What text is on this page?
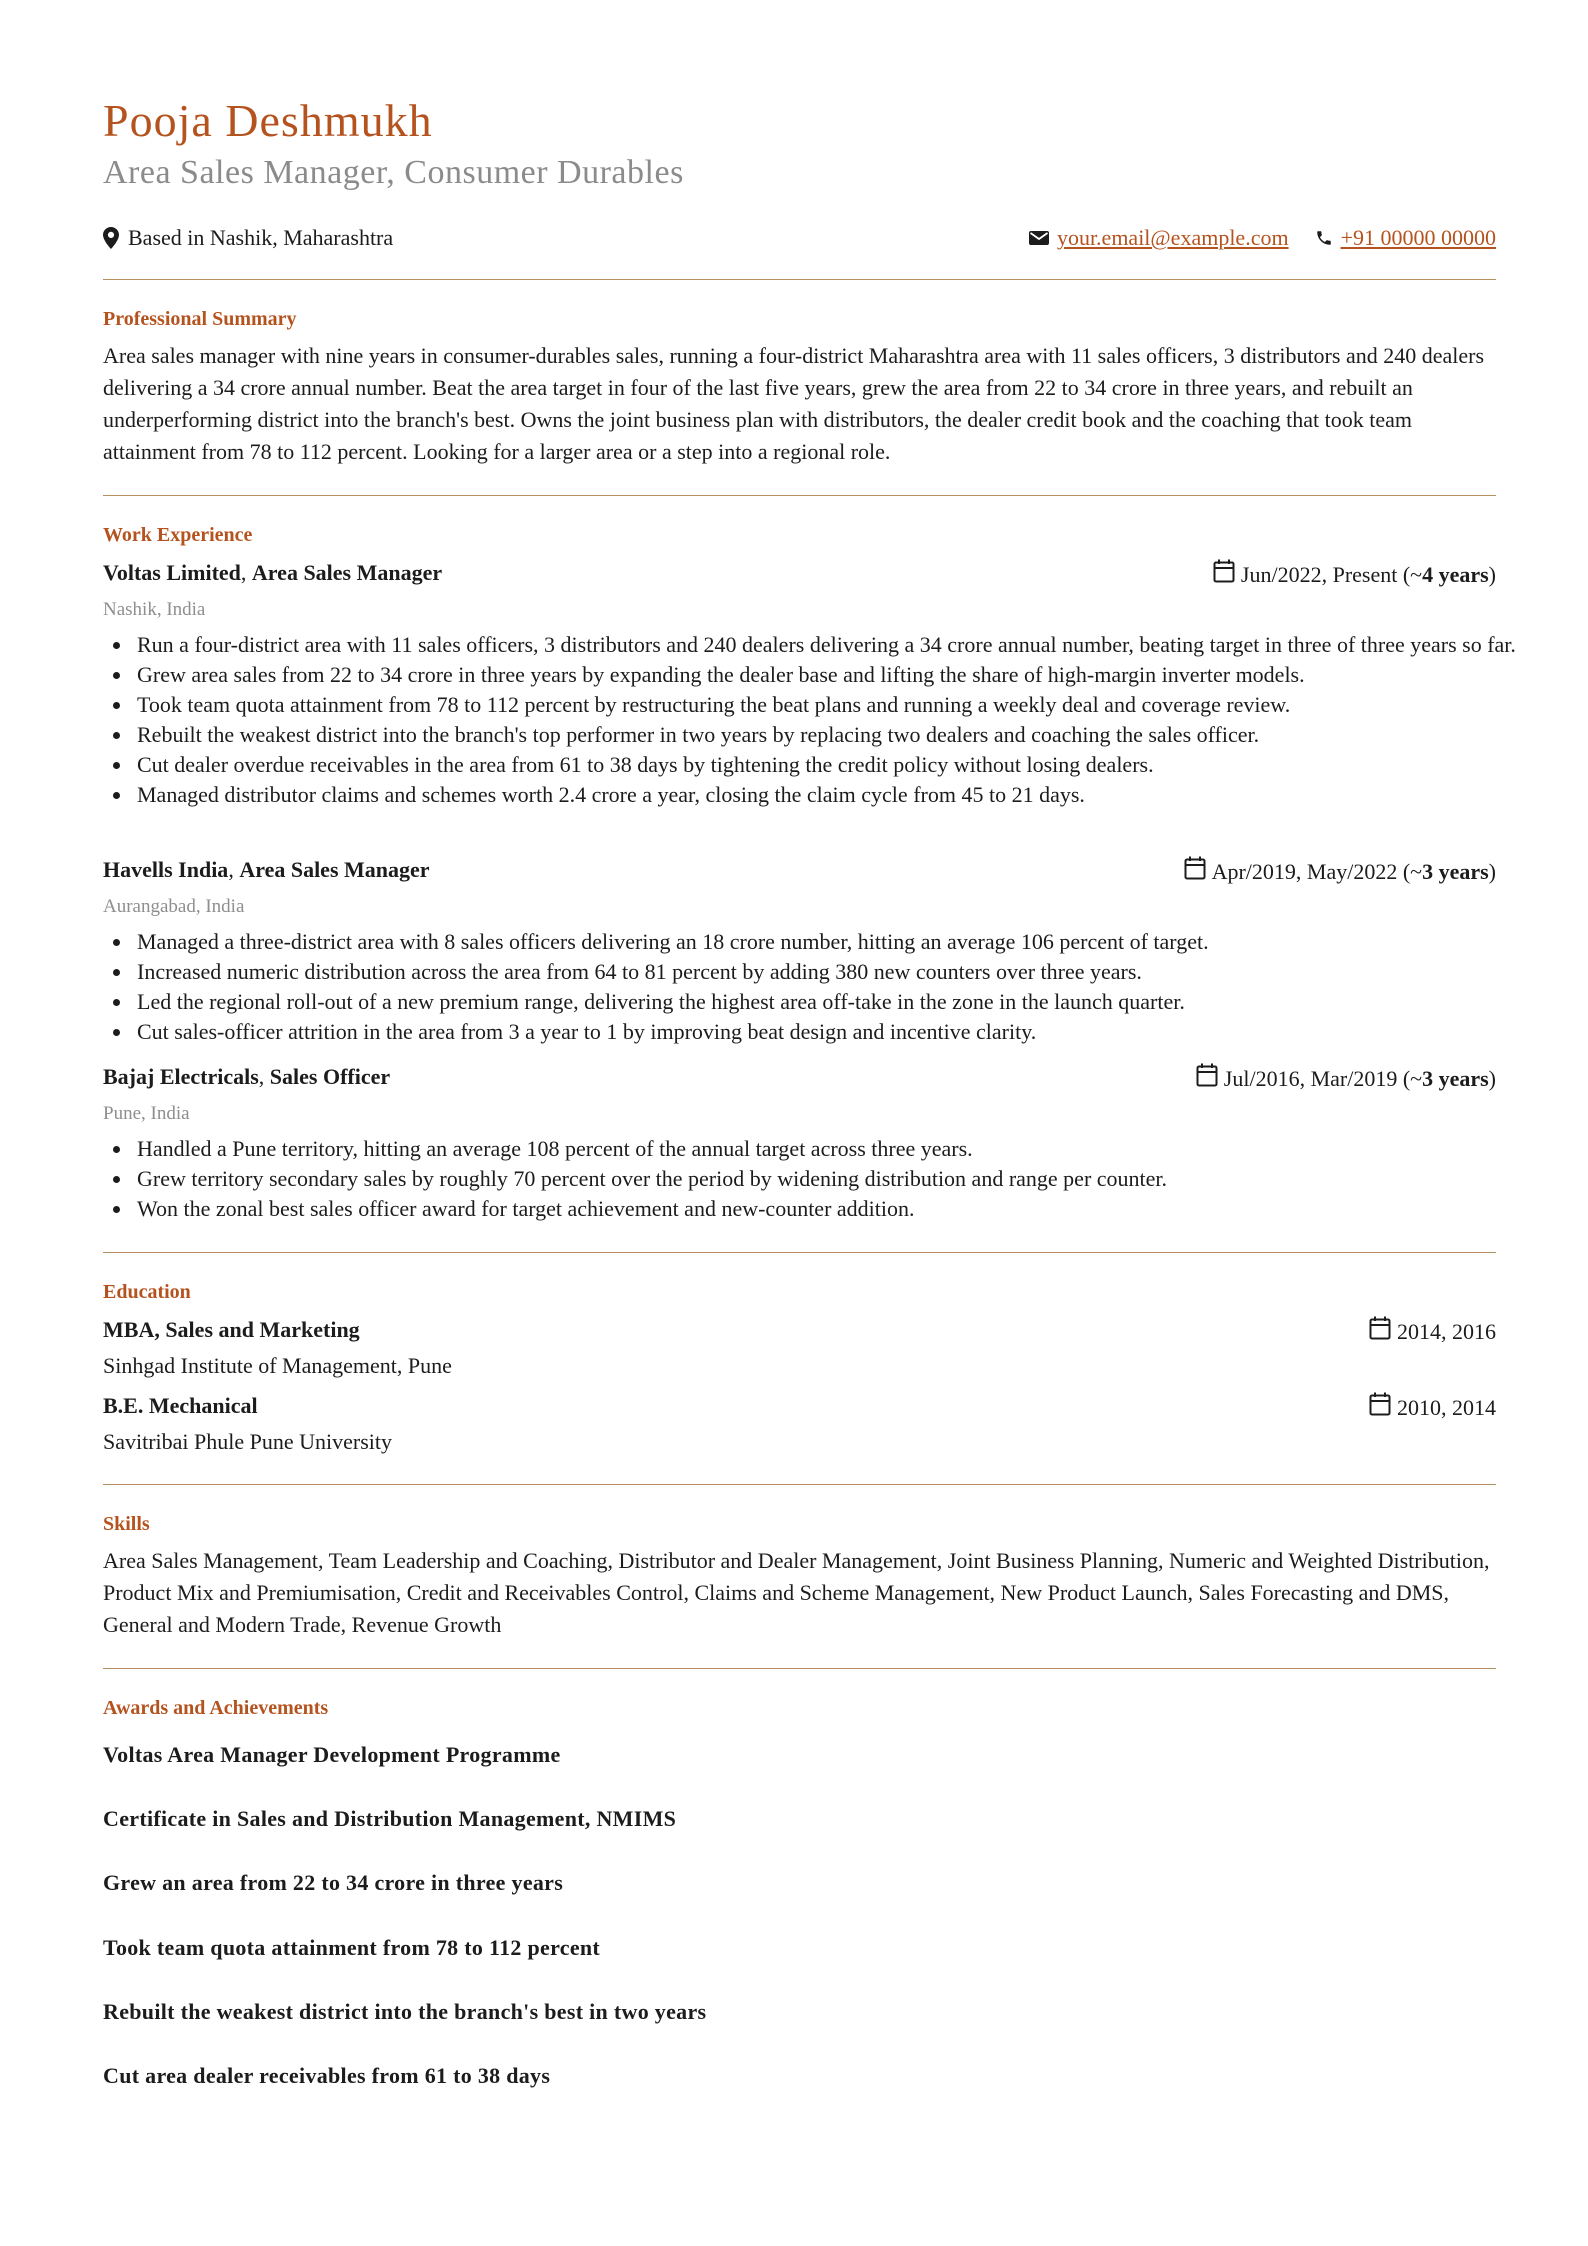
Pooja Deshmukh
Area Sales Manager, Consumer Durables
Based in Nashik, Maharashtra	your.email@example.com +91 00000 00000
Professional Summary
Area sales manager with nine years in consumer-durables sales, running a four-district Maharashtra area with 11 sales officers, 3 distributors and 240 dealers delivering a 34 crore annual number. Beat the area target in four of the last five years, grew the area from 22 to 34 crore in three years, and rebuilt an underperforming district into the branch's best. Owns the joint business plan with distributors, the dealer credit book and the coaching that took team attainment from 78 to 112 percent. Looking for a larger area or a step into a regional role.
Work Experience
Voltas Limited, Area Sales Manager	Jun/2022, Present (~ 4 years )
Nashik, India
Run a four-district area with 11 sales officers, 3 distributors and 240 dealers delivering a 34 crore annual number, beating target in three of three years so far.
Grew area sales from 22 to 34 crore in three years by expanding the dealer base and lifting the share of high-margin inverter models.
Took team quota attainment from 78 to 112 percent by restructuring the beat plans and running a weekly deal and coverage review.
Rebuilt the weakest district into the branch's top performer in two years by replacing two dealers and coaching the sales officer.
Cut dealer overdue receivables in the area from 61 to 38 days by tightening the credit policy without losing dealers.
Managed distributor claims and schemes worth 2.4 crore a year, closing the claim cycle from 45 to 21 days.
Havells India, Area Sales Manager	Apr/2019, May/2022 (~ 3 years )
Aurangabad, India
Managed a three-district area with 8 sales officers delivering an 18 crore number, hitting an average 106 percent of target.
Increased numeric distribution across the area from 64 to 81 percent by adding 380 new counters over three years.
Led the regional roll-out of a new premium range, delivering the highest area off-take in the zone in the launch quarter.
Cut sales-officer attrition in the area from 3 a year to 1 by improving beat design and incentive clarity.
Bajaj Electricals, Sales Officer	Jul/2016, Mar/2019 (~ 3 years )
Pune, India
Handled a Pune territory, hitting an average 108 percent of the annual target across three years.
Grew territory secondary sales by roughly 70 percent over the period by widening distribution and range per counter.
Won the zonal best sales officer award for target achievement and new-counter addition.
Education
MBA, Sales and Marketing	2014, 2016
Sinhgad Institute of Management, Pune
B.E. Mechanical	2010, 2014
Savitribai Phule Pune University
Skills
Area Sales Management, Team Leadership and Coaching, Distributor and Dealer Management, Joint Business Planning, Numeric and Weighted Distribution, Product Mix and Premiumisation, Credit and Receivables Control, Claims and Scheme Management, New Product Launch, Sales Forecasting and DMS, General and Modern Trade, Revenue Growth
Awards and Achievements
Voltas Area Manager Development Programme
Certificate in Sales and Distribution Management, NMIMS
Grew an area from 22 to 34 crore in three years
Took team quota attainment from 78 to 112 percent
Rebuilt the weakest district into the branch's best in two years
Cut area dealer receivables from 61 to 38 days
